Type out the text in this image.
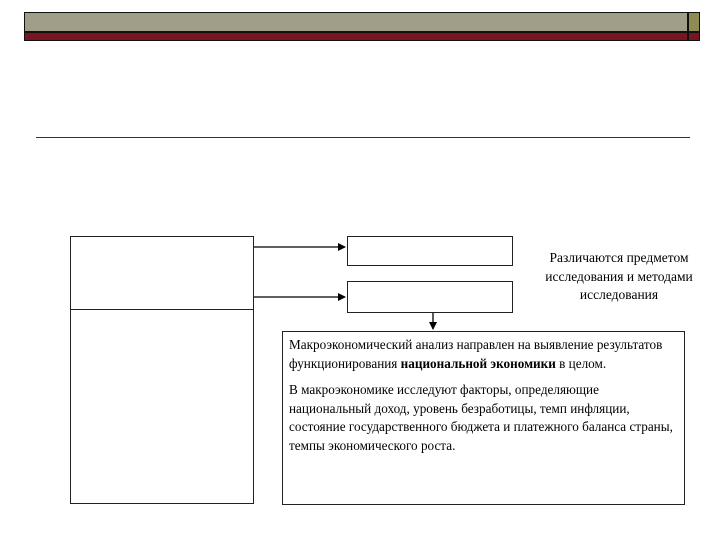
Различаются предметом исследования и методами исследования

Макроэкономический анализ направлен на выявление результатов функционирования национальной экономики в целом.

В макроэкономике исследуют факторы, определяющие национальный доход, уровень безработицы, темп инфляции, состояние государственного бюджета и платежного баланса страны, темпы экономического роста.
